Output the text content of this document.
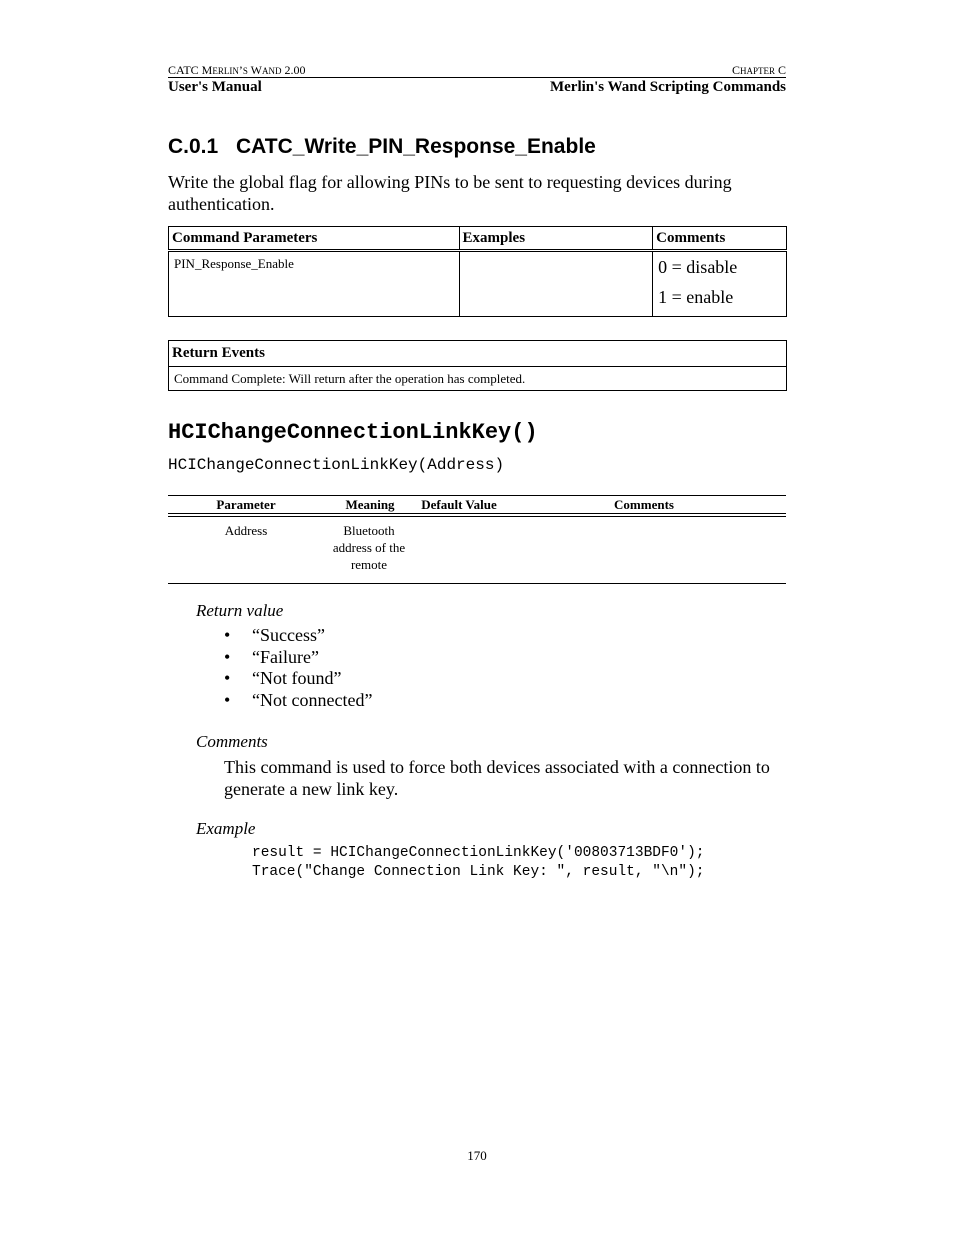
CATC MERLIN’S WAND 2.00	CHAPTER C
User's Manual	Merlin's Wand Scripting Commands
C.0.1 CATC_Write_PIN_Response_Enable
Write the global flag for allowing PINs to be sent to requesting devices during authentication.
Command Parameters	Examples	Comments
PIN_Response_Enable		0 = disable
1 = enable
Return Events
Command Complete: Will return after the operation has completed.
HCIChangeConnectionLinkKey()
HCIChangeConnectionLinkKey(Address)
Parameter	Meaning	Default Value	Comments
Address	Bluetooth
address of the
remote
Return value
• “Success”
• “Failure”
• “Not found”
• “Not connected”
Comments
This command is used to force both devices associated with a connection to generate a new link key.
Example
result = HCIChangeConnectionLinkKey('00803713BDF0');
Trace("Change Connection Link Key: ", result, "\n");
170
